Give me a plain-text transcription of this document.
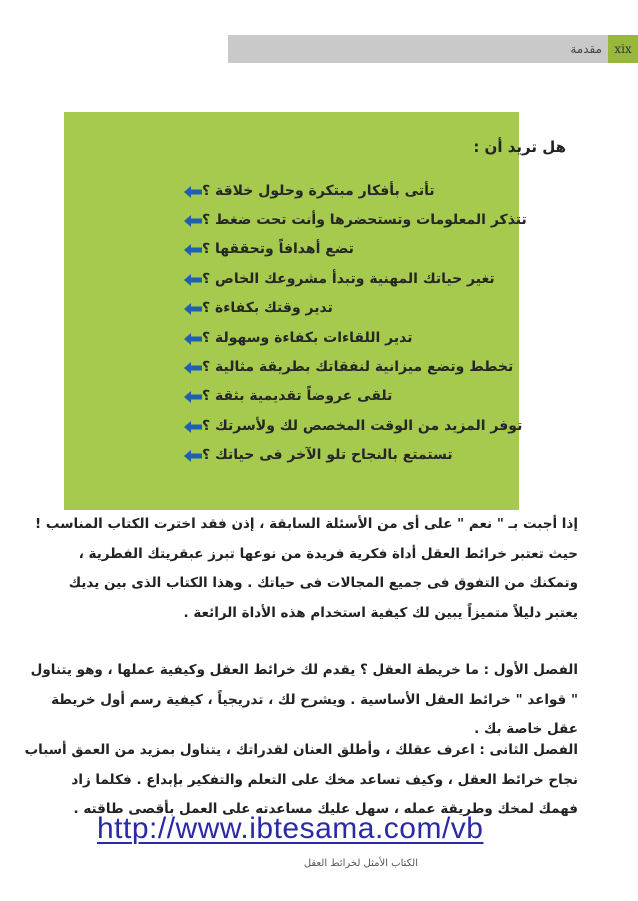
مقدمة	xix
هل تريد أن :
تأتى بأفكار مبتكرة وحلول خلاقة ؟
تتذكر المعلومات وتستحضرها وأنت تحت ضغط ؟
تضع أهدافاً وتحققها ؟
تغير حياتك المهنية وتبدأ مشروعك الخاص ؟
تدير وقتك بكفاءة ؟
تدير اللقاءات بكفاءة وسهولة ؟
تخطط وتضع ميزانية لنفقاتك بطريقة مثالية ؟
تلقى عروضاً تقديمية بثقة ؟
توفر المزيد من الوقت المخصص لك ولأسرتك ؟
تستمتع بالنجاح تلو الآخر فى حياتك ؟
إذا أجبت بـ " نعم " على أى من الأسئلة السابقة ، إذن فقد اخترت الكتاب المناسب !
حيث تعتبر خرائط العقل أداة فكرية فريدة من نوعها تبرز عبقريتك الفطرية ،
وتمكنك من التفوق فى جميع المجالات فى حياتك . وهذا الكتاب الذى بين يديك
يعتبر دليلاً متميزاً يبين لك كيفية استخدام هذه الأداة الرائعة .
الفصل الأول : ما خريطة العقل ؟ يقدم لك خرائط العقل وكيفية عملها ، وهو يتناول
" قواعد " خرائط العقل الأساسية . ويشرح لك ، تدريجياً ، كيفية رسم أول خريطة
عقل خاصة بك .
الفصل الثانى : اعرف عقلك ، وأطلق العنان لقدراتك ، يتناول بمزيد من العمق أسباب
نجاح خرائط العقل ، وكيف تساعد مخك على التعلم والتفكير بإبداع . فكلما زاد
فهمك لمخك وطريقة عمله ، سهل عليك مساعدته على العمل بأقصى طاقته .
http://www.ibtesama.com/vb
الكتاب الأمثل لخرائط العقل
